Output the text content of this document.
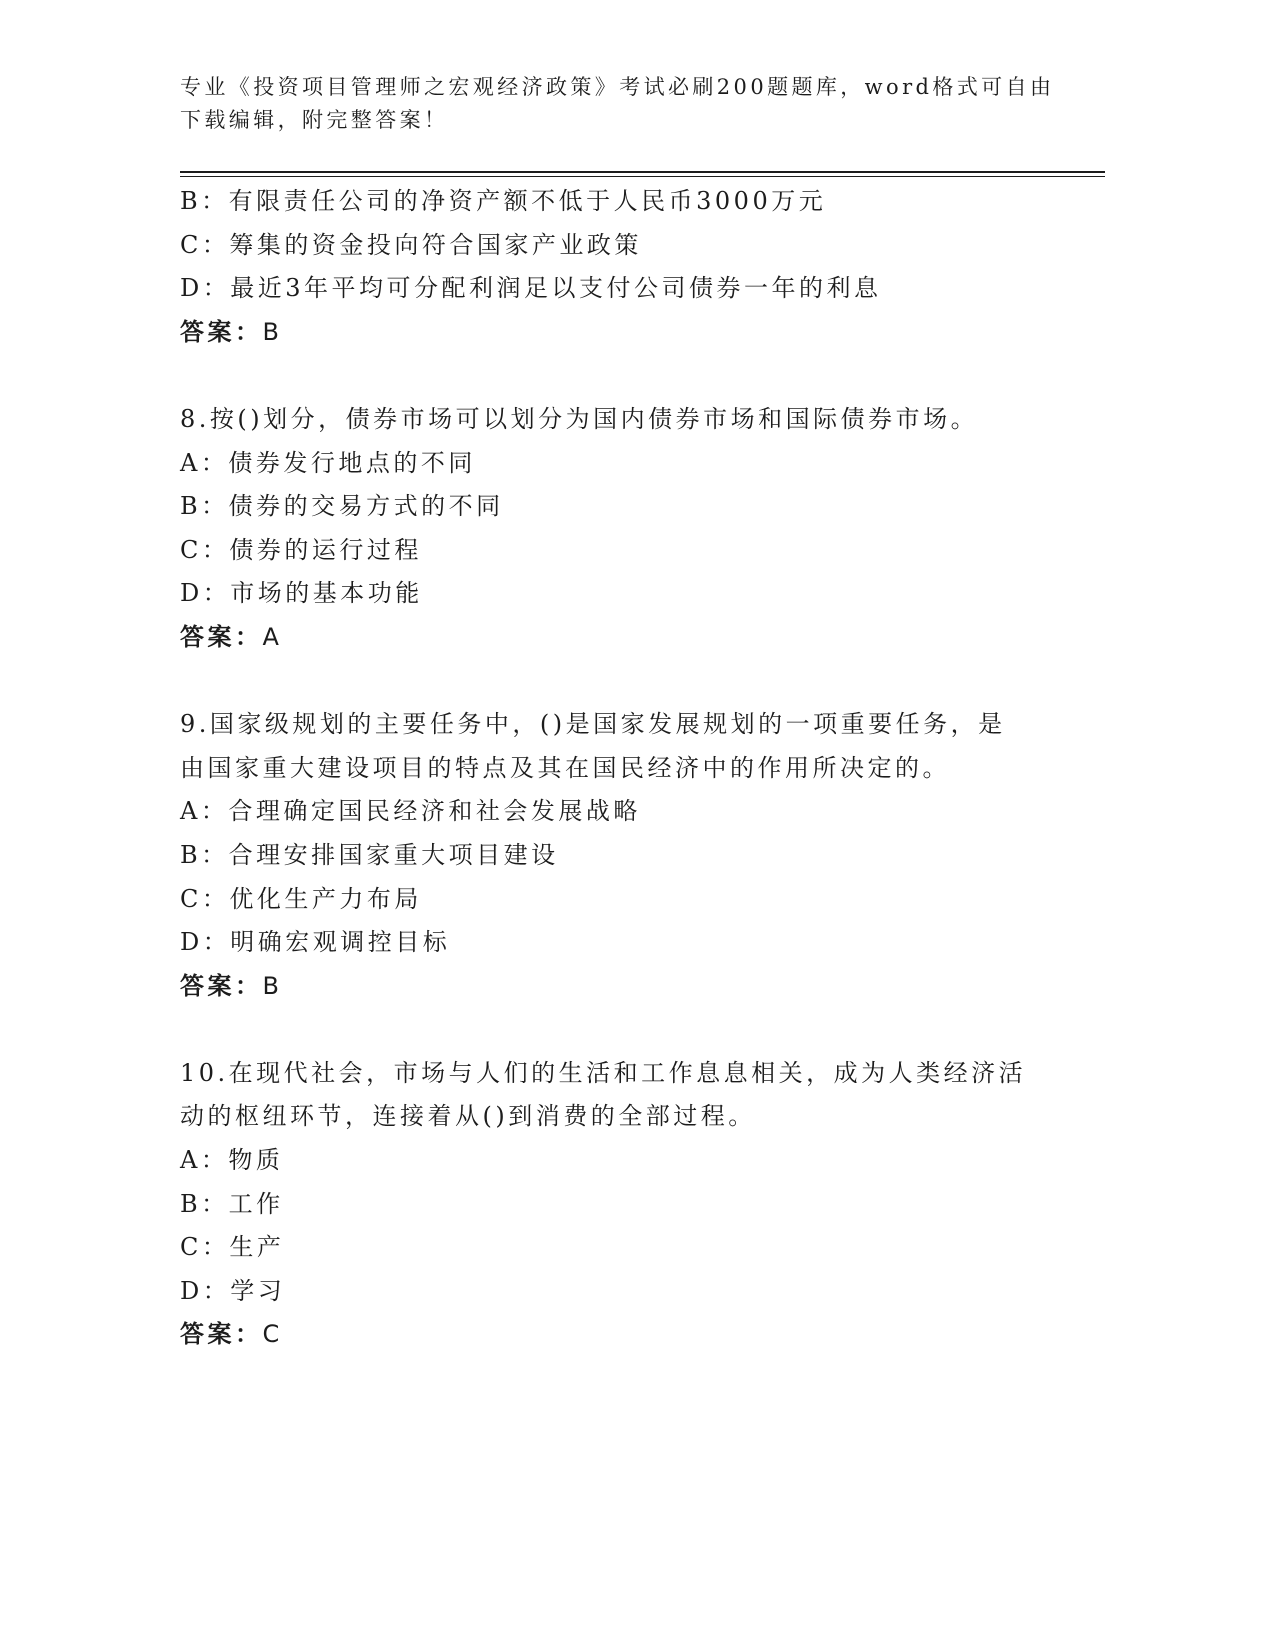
专业《投资项目管理师之宏观经济政策》考试必刷200题题库，word格式可自由
下载编辑，附完整答案！
B：有限责任公司的净资产额不低于人民币3000万元
C：筹集的资金投向符合国家产业政策
D：最近3年平均可分配利润足以支付公司债券一年的利息
答案：B
8.按()划分，债券市场可以划分为国内债券市场和国际债券市场。
A：债券发行地点的不同
B：债券的交易方式的不同
C：债券的运行过程
D：市场的基本功能
答案：A
9.国家级规划的主要任务中，()是国家发展规划的一项重要任务，是
由国家重大建设项目的特点及其在国民经济中的作用所决定的。
A：合理确定国民经济和社会发展战略
B：合理安排国家重大项目建设
C：优化生产力布局
D：明确宏观调控目标
答案：B
10.在现代社会，市场与人们的生活和工作息息相关，成为人类经济活
动的枢纽环节，连接着从()到消费的全部过程。
A：物质
B：工作
C：生产
D：学习
答案：C
